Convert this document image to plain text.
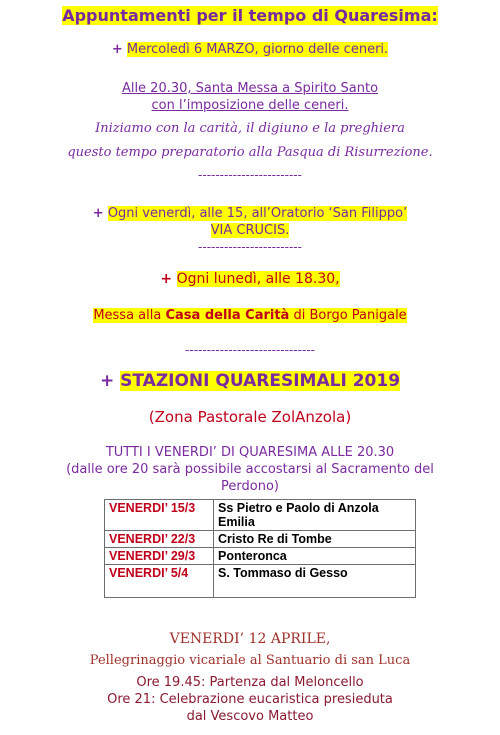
Appuntamenti per il tempo di Quaresima:
+ Mercoledì 6 MARZO, giorno delle ceneri.
Alle 20.30, Santa Messa a Spirito Santo
con l’imposizione delle ceneri.
Iniziamo con la carità, il digiuno e la preghiera
questo tempo preparatorio alla Pasqua di Risurrezione.
------------------------
+ Ogni venerdì, alle 15, all’Oratorio ‘San Filippo’
VIA CRUCIS.
------------------------
+ Ogni lunedì, alle 18.30,
Messa alla Casa della Carità di Borgo Panigale
------------------------------
+ STAZIONI QUARESIMALI 2019
(Zona Pastorale ZolAnzola)
TUTTI I VENERDI’ DI QUARESIMA ALLE 20.30
(dalle ore 20 sarà possibile accostarsi al Sacramento del
Perdono)
VENERDI’ 15/3	Ss Pietro e Paolo di Anzola Emilia
VENERDI’ 22/3	Cristo Re di Tombe
VENERDI’ 29/3	Ponteronca
VENERDI’ 5/4	S. Tommaso di Gesso
VENERDI’ 12 APRILE,
Pellegrinaggio vicariale al Santuario di san Luca
Ore 19.45: Partenza dal Meloncello
Ore 21: Celebrazione eucaristica presieduta
dal Vescovo Matteo
